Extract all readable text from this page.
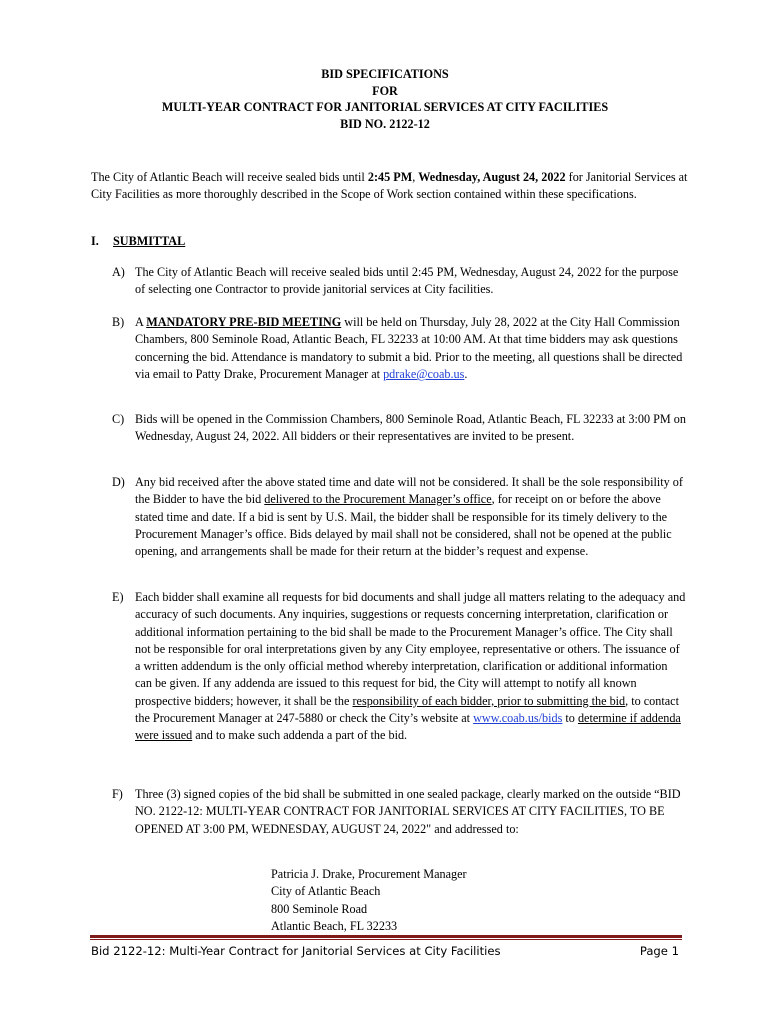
BID SPECIFICATIONS
FOR
MULTI-YEAR CONTRACT FOR JANITORIAL SERVICES AT CITY FACILITIES
BID NO. 2122-12
The City of Atlantic Beach will receive sealed bids until 2:45 PM, Wednesday, August 24, 2022 for Janitorial Services at City Facilities as more thoroughly described in the Scope of Work section contained within these specifications.
I. SUBMITTAL
A) The City of Atlantic Beach will receive sealed bids until 2:45 PM, Wednesday, August 24, 2022 for the purpose of selecting one Contractor to provide janitorial services at City facilities.
B) A MANDATORY PRE-BID MEETING will be held on Thursday, July 28, 2022 at the City Hall Commission Chambers, 800 Seminole Road, Atlantic Beach, FL 32233 at 10:00 AM. At that time bidders may ask questions concerning the bid. Attendance is mandatory to submit a bid. Prior to the meeting, all questions shall be directed via email to Patty Drake, Procurement Manager at pdrake@coab.us.
C) Bids will be opened in the Commission Chambers, 800 Seminole Road, Atlantic Beach, FL 32233 at 3:00 PM on Wednesday, August 24, 2022. All bidders or their representatives are invited to be present.
D) Any bid received after the above stated time and date will not be considered. It shall be the sole responsibility of the Bidder to have the bid delivered to the Procurement Manager’s office, for receipt on or before the above stated time and date. If a bid is sent by U.S. Mail, the bidder shall be responsible for its timely delivery to the Procurement Manager’s office. Bids delayed by mail shall not be considered, shall not be opened at the public opening, and arrangements shall be made for their return at the bidder’s request and expense.
E) Each bidder shall examine all requests for bid documents and shall judge all matters relating to the adequacy and accuracy of such documents. Any inquiries, suggestions or requests concerning interpretation, clarification or additional information pertaining to the bid shall be made to the Procurement Manager’s office. The City shall not be responsible for oral interpretations given by any City employee, representative or others. The issuance of a written addendum is the only official method whereby interpretation, clarification or additional information can be given. If any addenda are issued to this request for bid, the City will attempt to notify all known prospective bidders; however, it shall be the responsibility of each bidder, prior to submitting the bid, to contact the Procurement Manager at 247-5880 or check the City’s website at www.coab.us/bids to determine if addenda were issued and to make such addenda a part of the bid.
F) Three (3) signed copies of the bid shall be submitted in one sealed package, clearly marked on the outside “BID NO. 2122-12: MULTI-YEAR CONTRACT FOR JANITORIAL SERVICES AT CITY FACILITIES, TO BE OPENED AT 3:00 PM, WEDNESDAY, AUGUST 24, 2022" and addressed to:
Patricia J. Drake, Procurement Manager
City of Atlantic Beach
800 Seminole Road
Atlantic Beach, FL 32233
Bid 2122-12: Multi-Year Contract for Janitorial Services at City Facilities	Page 1
